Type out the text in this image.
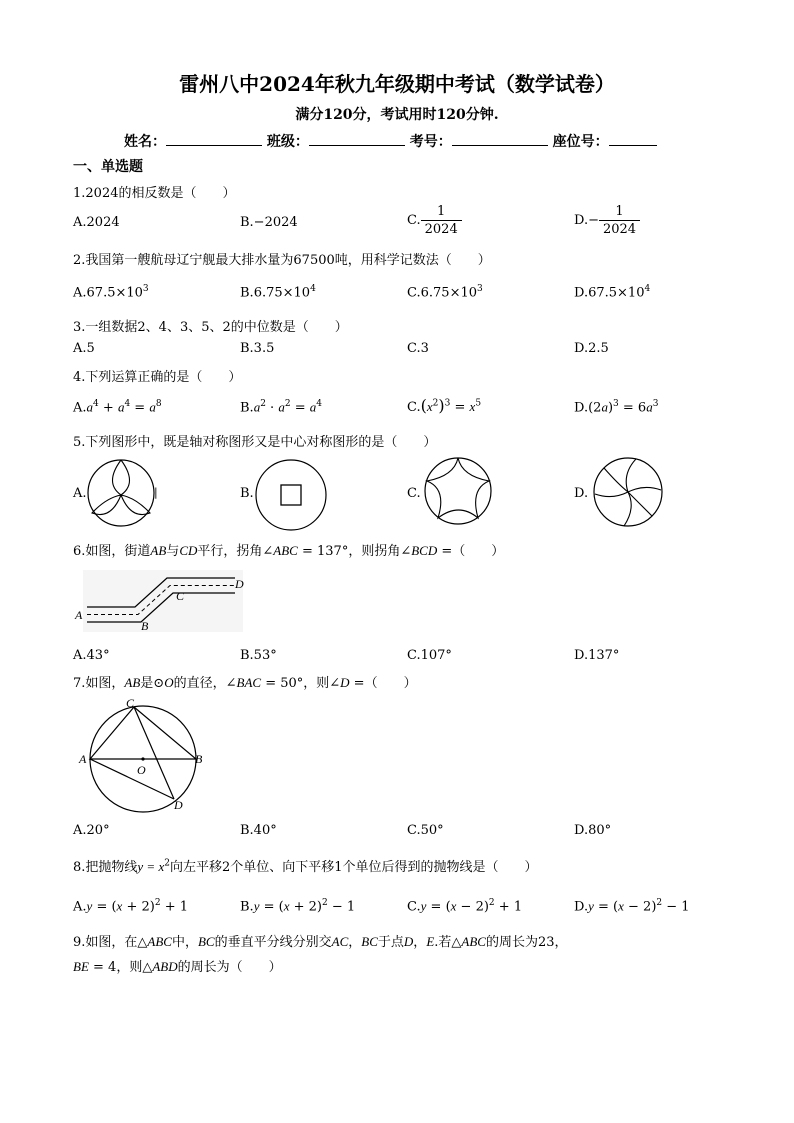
雷州八中2024年秋九年级期中考试（数学试卷）
满分120分，考试用时120分钟.
姓名：	班级：	考号：	座位号：
一、单选题
1.2024的相反数是（　　）
A.2024	B.−2024	C. $\frac{1}{2024}$	$D.- \frac{1}{2024}$
2.我国第一艘航母辽宁舰最大排水量为67500吨，用科学记数法（　　）
$A.67.5\times 10^3$	$B.6.75\times 10^4$	$C.6.75\times 10^3$	$D.67.5\times 10^4$
3.一组数据2、4、3、5、2的中位数是（　　）
A.5	B.3.5	C.3	D.2.5
4.下列运算正确的是（　　）
$A.a^4 + a^4 = a^8$	$B.a^2 \cdot a^2 = a^4$	$C.(x^2)^3 = x^5$	$D.(2a)^3 = 6a^3$
5.下列图形中，既是轴对称图形又是中心对称图形的是（　　）
A.	B.	C.	D.
|
6.如图，街道AB与CD平行，拐角∠ABC = 137°，则拐角∠BCD =（　　）
A
B
C
D
A.43°	B.53°	C.107°	D.137°
7.如图，AB是⊙O的直径，∠BAC = 50°，则∠D =（　　）
C
A	B
O
D
A.20°	B.40°	C.50°	D.80°
8.把抛物线$y = x^2$向左平移2个单位、向下平移1个单位后得到的抛物线是（　　）
$A.y = (x + 2)^2 + 1$	$B.y = (x + 2)^2 - 1$	$C.y = (x - 2)^2 + 1$	$D.y = (x - 2)^2 - 1$
9.如图，在△ABC中，BC的垂直平分线分别交AC，BC于点D，E.若△ABC的周长为23，
BE = 4，则△ABD的周长为（　　）
